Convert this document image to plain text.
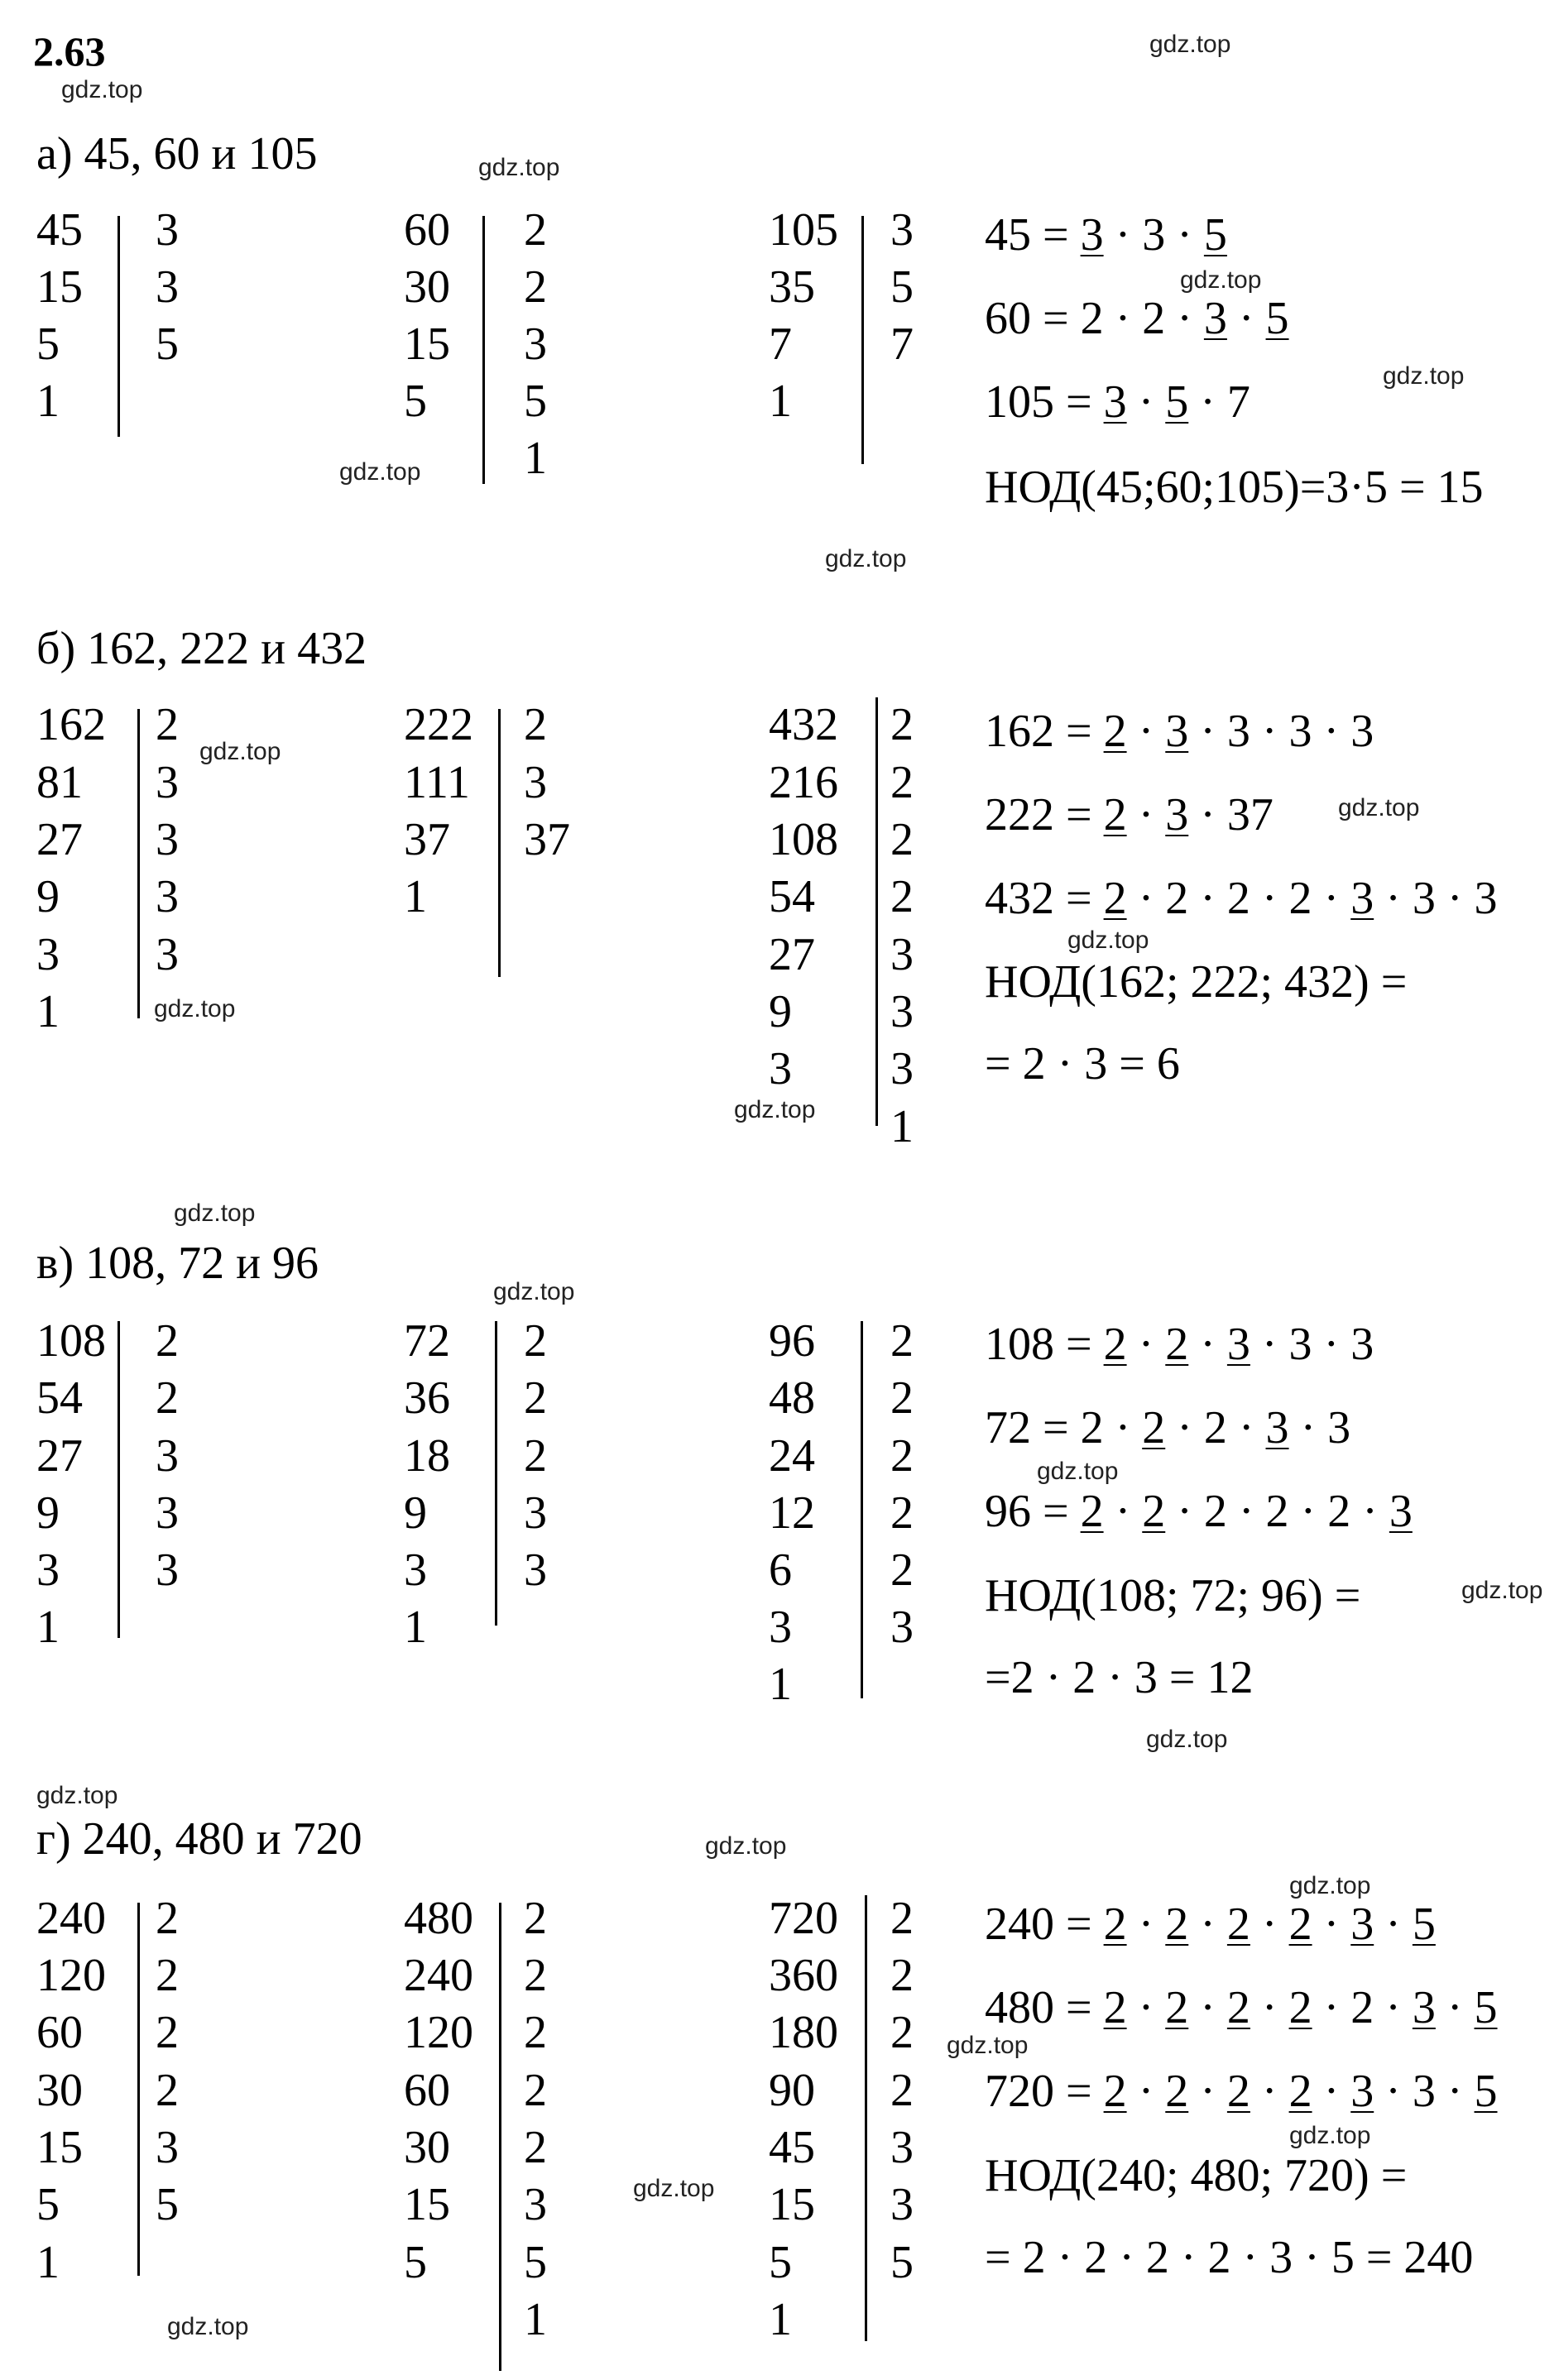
2.63
а) 45, 60 и 105
45
15
5
1
3
3
5
60
30
15
5
2
2
3
5
1
105
35
7
1
3
5
7
45 = 3 · 3 · 5
60 = 2 · 2 · 3 · 5
105 = 3 · 5 · 7
НОД(45;60;105)=3·5 = 15
б) 162, 222 и 432
162
81
27
9
3
1
2
3
3
3
3
222
111
37
1
2
3
37
432
216
108
54
27
9
3
2
2
2
2
3
3
3
1
162 = 2 · 3 · 3 · 3 · 3
222 = 2 · 3 · 37
432 = 2 · 2 · 2 · 2 · 3 · 3 · 3
НОД(162; 222; 432) =
= 2 · 3 = 6
в) 108, 72 и 96
108
54
27
9
3
1
2
2
3
3
3
72
36
18
9
3
1
2
2
2
3
3
96
48
24
12
6
3
1
2
2
2
2
2
3
108 = 2 · 2 · 3 · 3 · 3
72 = 2 · 2 · 2 · 3 · 3
96 = 2 · 2 · 2 · 2 · 2 · 3
НОД(108; 72; 96) =
=2 · 2 · 3 = 12
г) 240, 480 и 720
240
120
60
30
15
5
1
2
2
2
2
3
5
480
240
120
60
30
15
5
2
2
2
2
2
3
5
1
720
360
180
90
45
15
5
1
2
2
2
2
3
3
5
240 = 2 · 2 · 2 · 2 · 3 · 5
480 = 2 · 2 · 2 · 2 · 2 · 3 · 5
720 = 2 · 2 · 2 · 2 · 3 · 3 · 5
НОД(240; 480; 720) =
= 2 · 2 · 2 · 2 · 3 · 5 = 240
gdz.top
gdz.top
gdz.top
gdz.top
gdz.top
gdz.top
gdz.top
gdz.top
gdz.top
gdz.top
gdz.top
gdz.top
gdz.top
gdz.top
gdz.top
gdz.top
gdz.top
gdz.top
gdz.top
gdz.top
gdz.top
gdz.top
gdz.top
gdz.top
